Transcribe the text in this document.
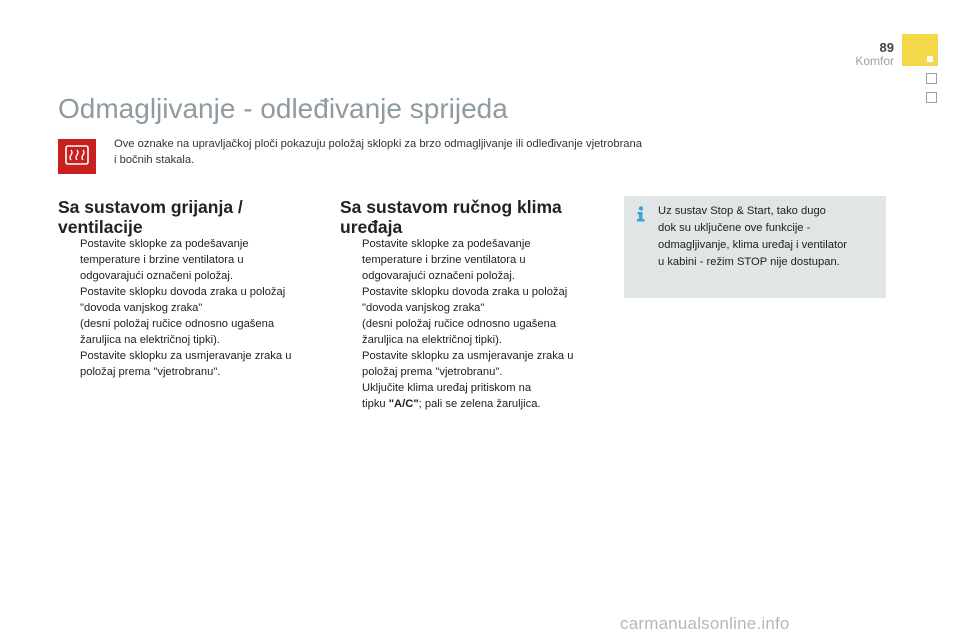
89
Komfor
Odmagljivanje - odleđivanje sprijeda
Ove oznake na upravljačkoj ploči pokazuju položaj sklopki za brzo odmagljivanje ili odleđivanje vjetrobrana
i bočnih stakala.
Sa sustavom grijanja /
ventilacije
Postavite sklopke za podešavanje
temperature i brzine ventilatora u
odgovarajući označeni položaj.
Postavite sklopku dovoda zraka u položaj
"dovoda vanjskog zraka"
(desni položaj ručice odnosno ugašena
žaruljica na električnoj tipki).
Postavite sklopku za usmjeravanje zraka u
položaj prema "vjetrobranu".
Sa sustavom ručnog klima
uređaja
Postavite sklopke za podešavanje
temperature i brzine ventilatora u
odgovarajući označeni položaj.
Postavite sklopku dovoda zraka u položaj
"dovoda vanjskog zraka"
(desni položaj ručice odnosno ugašena
žaruljica na električnoj tipki).
Postavite sklopku za usmjeravanje zraka u
položaj prema "vjetrobranu".
Uključite klima uređaj pritiskom na
tipku "A/C"; pali se zelena žaruljica.
Uz sustav Stop & Start, tako dugo
dok su uključene ove funkcije -
odmagljivanje, klima uređaj i ventilator
u kabini - režim STOP nije dostupan.
carmanualsonline.info
